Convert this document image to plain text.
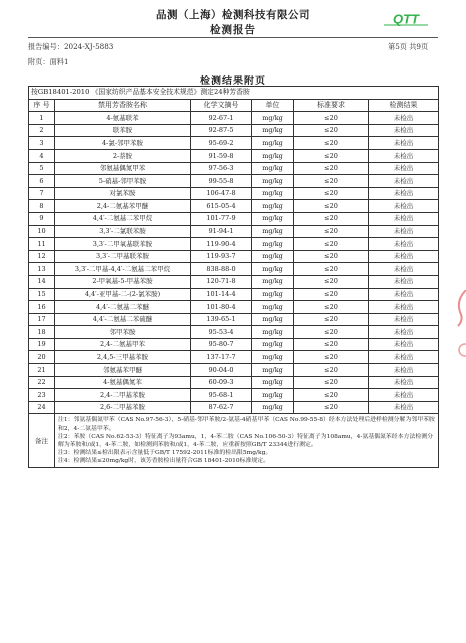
品测（上海）检测科技有限公司
检测报告
QTT
报告编号：2024-XJ-5883	第5页 共9页
附页：面料1
检测结果附页
按GB18401-2010 《国家纺织产品基本安全技术规范》测定24种芳香胺					
序 号	禁用芳香胺名称	化学文摘号	单位	标准要求	检测结果
1	4-氨基联苯	92-67-1	mg/kg	≤20	未检出
2	联苯胺	92-87-5	mg/kg	≤20	未检出
3	4-氯-邻甲苯胺	95-69-2	mg/kg	≤20	未检出
4	2-萘胺	91-59-8	mg/kg	≤20	未检出
5	邻氨基偶氮甲苯	97-56-3	mg/kg	≤20	未检出
6	5-硝基-邻甲苯胺	99-55-8	mg/kg	≤20	未检出
7	对氯苯胺	106-47-8	mg/kg	≤20	未检出
8	2,4-二氨基苯甲醚	615-05-4	mg/kg	≤20	未检出
9	4,4′-二氨基二苯甲烷	101-77-9	mg/kg	≤20	未检出
10	3,3′-二氯联苯胺	91-94-1	mg/kg	≤20	未检出
11	3,3′-二甲氧基联苯胺	119-90-4	mg/kg	≤20	未检出
12	3,3′-二甲基联苯胺	119-93-7	mg/kg	≤20	未检出
13	3,3′-二甲基-4,4′-二氨基二苯甲烷	838-88-0	mg/kg	≤20	未检出
14	2-甲氧基-5-甲基苯胺	120-71-8	mg/kg	≤20	未检出
15	4,4′-亚甲基-二-(2-氯苯胺)	101-14-4	mg/kg	≤20	未检出
16	4,4′-二氨基二苯醚	101-80-4	mg/kg	≤20	未检出
17	4,4′-二氨基二苯硫醚	139-65-1	mg/kg	≤20	未检出
18	邻甲苯胺	95-53-4	mg/kg	≤20	未检出
19	2,4-二氨基甲苯	95-80-7	mg/kg	≤20	未检出
20	2,4,5-三甲基苯胺	137-17-7	mg/kg	≤20	未检出
21	邻氨基苯甲醚	90-04-0	mg/kg	≤20	未检出
22	4-氨基偶氮苯	60-09-3	mg/kg	≤20	未检出
23	2,4-二甲基苯胺	95-68-1	mg/kg	≤20	未检出
24	2,6-二甲基苯胺	87-62-7	mg/kg	≤20	未检出
备注	注1：邻氨基偶氮甲苯（CAS No.97-56-3）、5-硝基-邻甲苯胺/2-氨基-4硝基甲苯（CAS No.99-55-8）经本方法处理后进样检测分解为邻甲苯胺和2，4-二氨基甲苯。
注2：苯胺（CAS No.62-53-3）特征离子为93amu，1，4-苯二胺（CAS No.106-50-3）特征离子为108amu，4-氨基偶氮苯经本方法检测分解为苯胺和/或1，4-苯二胺，如检测到苯胺和/或1，4-苯二胺，应重新按照GB/T 23344进行测定。
注3：检测结果≤检出限表示含量低于GB/T 17592-2011标准的检出限5mg/kg。
注4：检测结果≤20mg/kg时，该芳香胺检出量符合GB 18401-2010标准规定。				
